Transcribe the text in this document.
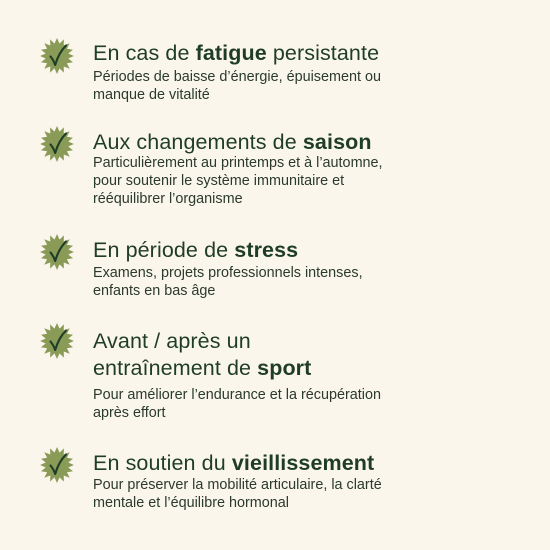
En cas de fatigue persistante

Périodes de baisse d’énergie, épuisement ou
manque de vitalité

Aux changements de saison

Particulièrement au printemps et à l’automne,
pour soutenir le système immunitaire et
rééquilibrer l’organisme

En période de stress

Examens, projets professionnels intenses,
enfants en bas âge

Avant / après un
entraînement de sport

Pour améliorer l’endurance et la récupération
après effort

En soutien du vieillissement

Pour préserver la mobilité articulaire, la clarté
mentale et l’équilibre hormonal
